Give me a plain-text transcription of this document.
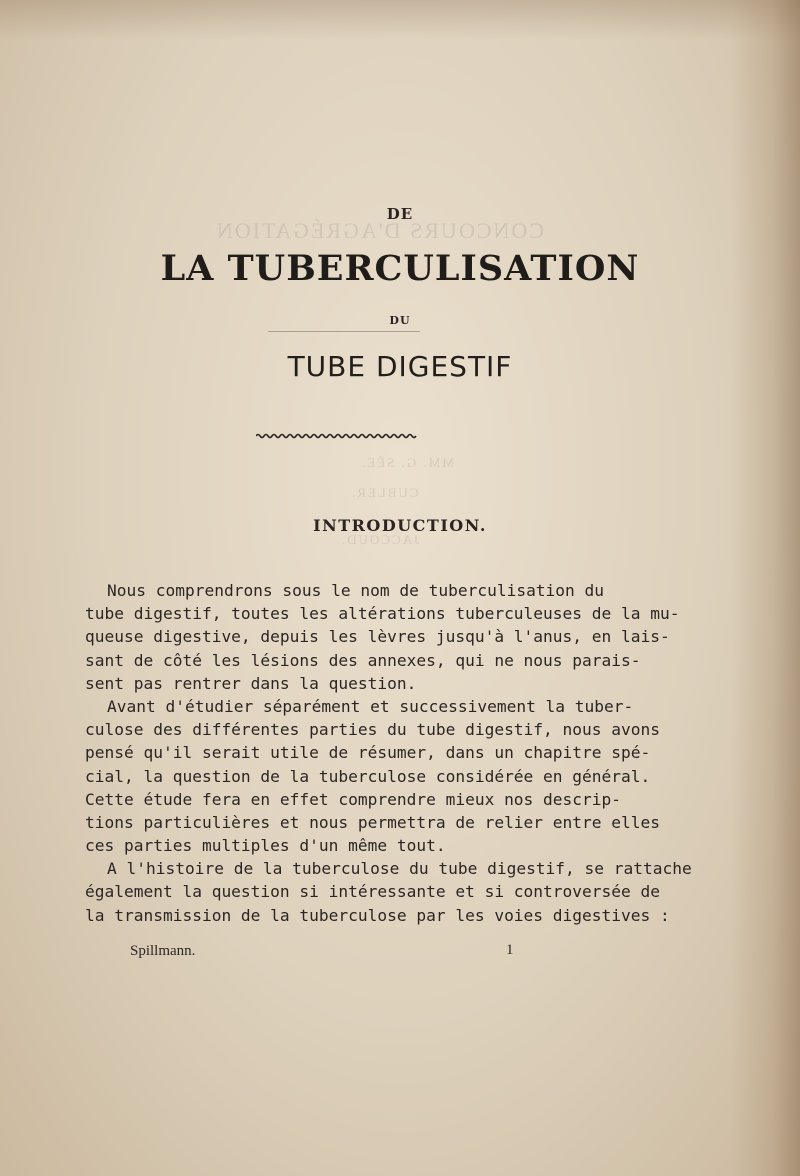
CONCOURS D'AGRÉGATION
MM. G. SÉE.
CUBLER.
JACCOUD.
DE
LA TUBERCULISATION
DU
TUBE DIGESTIF
INTRODUCTION.
Nous comprendrons sous le nom de tuberculisation du
tube digestif, toutes les altérations tuberculeuses de la mu-
queuse digestive, depuis les lèvres jusqu'à l'anus, en lais-
sant de côté les lésions des annexes, qui ne nous parais-
sent pas rentrer dans la question.
Avant d'étudier séparément et successivement la tuber-
culose des différentes parties du tube digestif, nous avons
pensé qu'il serait utile de résumer, dans un chapitre spé-
cial, la question de la tuberculose considérée en général.
Cette étude fera en effet comprendre mieux nos descrip-
tions particulières et nous permettra de relier entre elles
ces parties multiples d'un même tout.
A l'histoire de la tuberculose du tube digestif, se rattache
également la question si intéressante et si controversée de
la transmission de la tuberculose par les voies digestives :
Spillmann.	1
